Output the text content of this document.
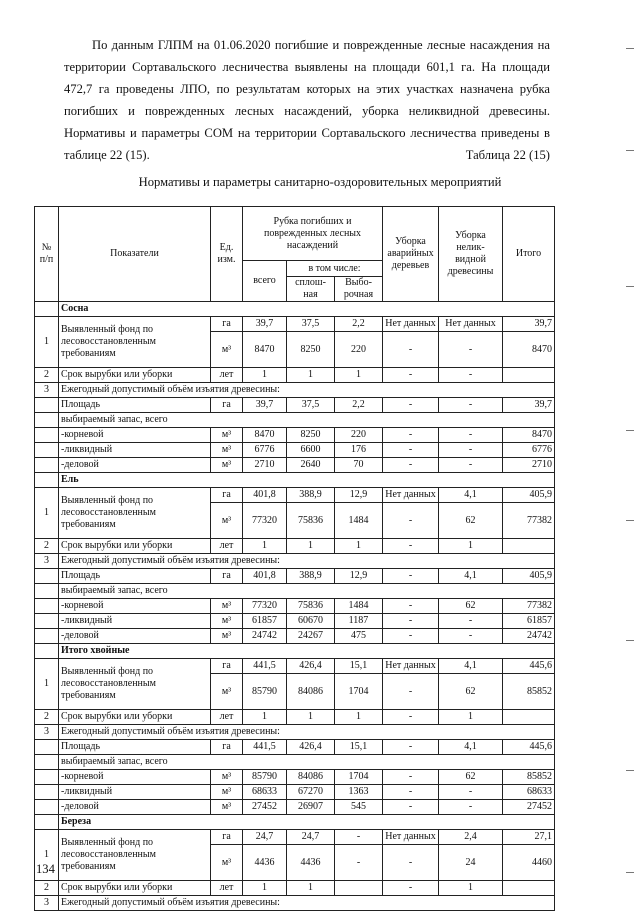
По данным ГЛПМ на 01.06.2020 погибшие и поврежденные лесные насаждения на территории Сортавальского лесничества выявлены на площади 601,1 га. На площади 472,7 га проведены ЛПО, по результатам которых на этих участках назначена рубка погибших и поврежденных лесных насаждений, уборка неликвидной древесины. Нормативы и параметры СОМ на территории Сортавальского лесничества приведены в таблице 22 (15).	Таблица 22 (15)
Нормативы и параметры санитарно-оздоровительных мероприятий
№ п/п	Показатели	Ед. изм.	Рубка погибших и поврежденных лесных насаждений			Уборка аварийных деревьев	Уборка нелик-видной древесины	Итого
			всего	в том числе:				
				сплош-ная	Выбо-рочная			
	Сосна							
1	Выявленный фонд по лесовосстановленным требованиям	га	39,7	37,5	2,2	Нет данных	Нет данных	39,7
		м³	8470	8250	220	-	-	8470
2	Срок вырубки или уборки	лет	1	1	1	-	-	
3	Ежегодный допустимый объём изъятия древесины:							
	Площадь	га	39,7	37,5	2,2	-	-	39,7
	выбираемый запас, всего							
	-корневой	м³	8470	8250	220	-	-	8470
	-ликвидный	м³	6776	6600	176	-	-	6776
	-деловой	м³	2710	2640	70	-	-	2710
	Ель							
1	Выявленный фонд по лесовосстановленным требованиям	га	401,8	388,9	12,9	Нет данных	4,1	405,9
		м³	77320	75836	1484	-	62	77382
2	Срок вырубки или уборки	лет	1	1	1	-	1	
3	Ежегодный допустимый объём изъятия древесины:							
	Площадь	га	401,8	388,9	12,9	-	4,1	405,9
	выбираемый запас, всего							
	-корневой	м³	77320	75836	1484	-	62	77382
	-ликвидный	м³	61857	60670	1187	-	-	61857
	-деловой	м³	24742	24267	475	-	-	24742
	Итого хвойные							
1	Выявленный фонд по лесовосстановленным требованиям	га	441,5	426,4	15,1	Нет данных	4,1	445,6
		м³	85790	84086	1704	-	62	85852
2	Срок вырубки или уборки	лет	1	1	1	-	1	
3	Ежегодный допустимый объём изъятия древесины:							
	Площадь	га	441,5	426,4	15,1	-	4,1	445,6
	выбираемый запас, всего							
	-корневой	м³	85790	84086	1704	-	62	85852
	-ликвидный	м³	68633	67270	1363	-	-	68633
	-деловой	м³	27452	26907	545	-	-	27452
	Береза							
1	Выявленный фонд по лесовосстановленным требованиям	га	24,7	24,7	-	Нет данных	2,4	27,1
		м³	4436	4436	-	-	24	4460
2	Срок вырубки или уборки	лет	1	1		-	1	
3	Ежегодный допустимый объём изъятия древесины:							
134
